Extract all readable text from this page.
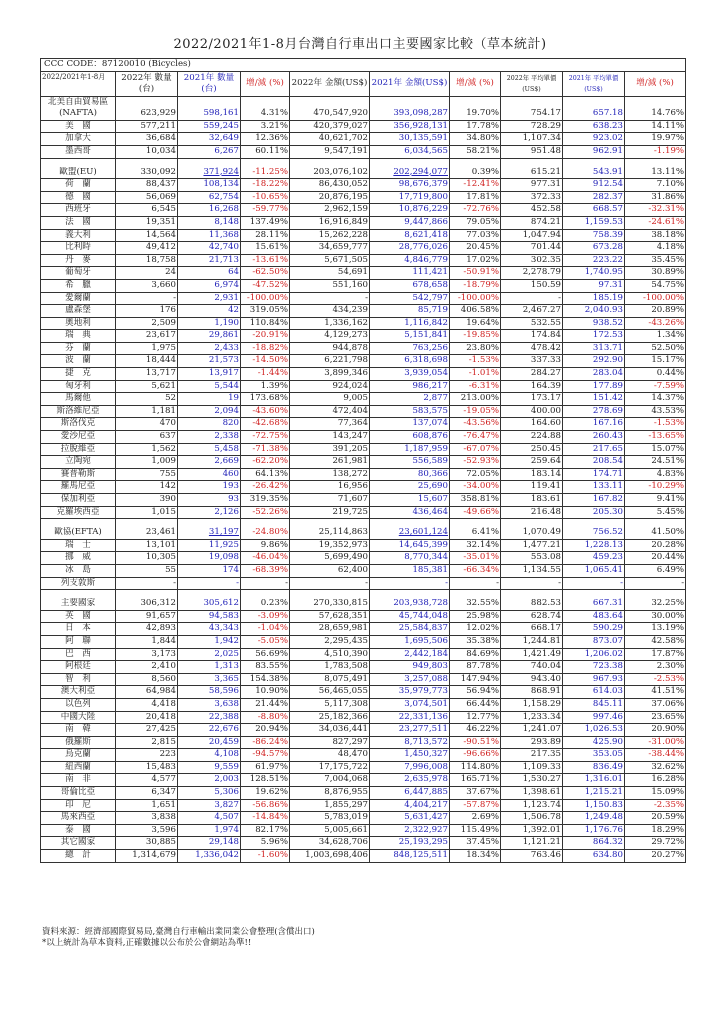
2022/2021年1-8月台灣自行車出口主要國家比較（草本統計)
CCC CODE：87120010 (Bicycles)									
2022/2021年1-8月	2022年 數量(台)	2021年 數量(台)	增/減 (%)	2022年 金額(US$)	2021年 金額(US$)	增/減 (%)	2022年 平均單價(US$)	2021年 平均單價(US$)	增/減 (%)
北美自由貿易區									
(NAFTA)	623,929	598,161	4.31%	470,547,920	393,098,287	19.70%	754.17	657.18	14.76%
美　國	577,211	559,245	3.21%	420,379,027	356,928,131	17.78%	728.29	638.23	14.11%
加拿大	36,684	32,649	12.36%	40,621,702	30,135,591	34.80%	1,107.34	923.02	19.97%
墨西哥	10,034	6,267	60.11%	9,547,191	6,034,565	58.21%	951.48	962.91	-1.19%

歐盟(EU)	330,092	371,924	-11.25%	203,076,102	202,294,077	0.39%	615.21	543.91	13.11%
荷　蘭	88,437	108,134	-18.22%	86,430,052	98,676,379	-12.41%	977.31	912.54	7.10%
德　國	56,069	62,754	-10.65%	20,876,195	17,719,800	17.81%	372.33	282.37	31.86%
西班牙	6,545	16,268	-59.77%	2,962,159	10,876,229	-72.76%	452.58	668.57	-32.31%
法　國	19,351	8,148	137.49%	16,916,849	9,447,866	79.05%	874.21	1,159.53	-24.61%
義大利	14,564	11,368	28.11%	15,262,228	8,621,418	77.03%	1,047.94	758.39	38.18%
比利時	49,412	42,740	15.61%	34,659,777	28,776,026	20.45%	701.44	673.28	4.18%
丹　麥	18,758	21,713	-13.61%	5,671,505	4,846,779	17.02%	302.35	223.22	35.45%
葡萄牙	24	64	-62.50%	54,691	111,421	-50.91%	2,278.79	1,740.95	30.89%
希　臘	3,660	6,974	-47.52%	551,160	678,658	-18.79%	150.59	97.31	54.75%
愛爾蘭	-	2,931	-100.00%	-	542,797	-100.00%	-	185.19	-100.00%
盧森堡	176	42	319.05%	434,239	85,719	406.58%	2,467.27	2,040.93	20.89%
奧地利	2,509	1,190	110.84%	1,336,162	1,116,842	19.64%	532.55	938.52	-43.26%
瑞　典	23,617	29,861	-20.91%	4,129,273	5,151,841	-19.85%	174.84	172.53	1.34%
芬　蘭	1,975	2,433	-18.82%	944,878	763,256	23.80%	478.42	313.71	52.50%
波　蘭	18,444	21,573	-14.50%	6,221,798	6,318,698	-1.53%	337.33	292.90	15.17%
捷　克	13,717	13,917	-1.44%	3,899,346	3,939,054	-1.01%	284.27	283.04	0.44%
匈牙利	5,621	5,544	1.39%	924,024	986,217	-6.31%	164.39	177.89	-7.59%
馬爾他	52	19	173.68%	9,005	2,877	213.00%	173.17	151.42	14.37%
斯洛維尼亞	1,181	2,094	-43.60%	472,404	583,575	-19.05%	400.00	278.69	43.53%
斯洛伐克	470	820	-42.68%	77,364	137,074	-43.56%	164.60	167.16	-1.53%
愛沙尼亞	637	2,338	-72.75%	143,247	608,876	-76.47%	224.88	260.43	-13.65%
拉脫維亞	1,562	5,458	-71.38%	391,205	1,187,959	-67.07%	250.45	217.65	15.07%
立陶宛	1,009	2,669	-62.20%	261,981	556,589	-52.93%	259.64	208.54	24.51%
賽普勒斯	755	460	64.13%	138,272	80,366	72.05%	183.14	174.71	4.83%
羅馬尼亞	142	193	-26.42%	16,956	25,690	-34.00%	119.41	133.11	-10.29%
保加利亞	390	93	319.35%	71,607	15,607	358.81%	183.61	167.82	9.41%
克羅埃西亞	1,015	2,126	-52.26%	219,725	436,464	-49.66%	216.48	205.30	5.45%

歐協(EFTA)	23,461	31,197	-24.80%	25,114,863	23,601,124	6.41%	1,070.49	756.52	41.50%
瑞　士	13,101	11,925	9.86%	19,352,973	14,645,399	32.14%	1,477.21	1,228.13	20.28%
挪　威	10,305	19,098	-46.04%	5,699,490	8,770,344	-35.01%	553.08	459.23	20.44%
冰　島	55	174	-68.39%	62,400	185,381	-66.34%	1,134.55	1,065.41	6.49%
列支敦斯	-	-	-	-	-	-	-	-	-

主要國家	306,312	305,612	0.23%	270,330,815	203,938,728	32.55%	882.53	667.31	32.25%
英　國	91,657	94,583	-3.09%	57,628,351	45,744,048	25.98%	628.74	483.64	30.00%
日　本	42,893	43,343	-1.04%	28,659,981	25,584,837	12.02%	668.17	590.29	13.19%
阿　聯	1,844	1,942	-5.05%	2,295,435	1,695,506	35.38%	1,244.81	873.07	42.58%
巴　西	3,173	2,025	56.69%	4,510,390	2,442,184	84.69%	1,421.49	1,206.02	17.87%
阿根廷	2,410	1,313	83.55%	1,783,508	949,803	87.78%	740.04	723.38	2.30%
智　利	8,560	3,365	154.38%	8,075,491	3,257,088	147.94%	943.40	967.93	-2.53%
澳大利亞	64,984	58,596	10.90%	56,465,055	35,979,773	56.94%	868.91	614.03	41.51%
以色列	4,418	3,638	21.44%	5,117,308	3,074,501	66.44%	1,158.29	845.11	37.06%
中國大陸	20,418	22,388	-8.80%	25,182,366	22,331,136	12.77%	1,233.34	997.46	23.65%
南　韓	27,425	22,676	20.94%	34,036,441	23,277,511	46.22%	1,241.07	1,026.53	20.90%
俄羅斯	2,815	20,459	-86.24%	827,297	8,713,572	-90.51%	293.89	425.90	-31.00%
烏克蘭	223	4,108	-94.57%	48,470	1,450,327	-96.66%	217.35	353.05	-38.44%
紐西蘭	15,483	9,559	61.97%	17,175,722	7,996,008	114.80%	1,109.33	836.49	32.62%
南　非	4,577	2,003	128.51%	7,004,068	2,635,978	165.71%	1,530.27	1,316.01	16.28%
哥倫比亞	6,347	5,306	19.62%	8,876,955	6,447,885	37.67%	1,398.61	1,215.21	15.09%
印　尼	1,651	3,827	-56.86%	1,855,297	4,404,217	-57.87%	1,123.74	1,150.83	-2.35%
馬來西亞	3,838	4,507	-14.84%	5,783,019	5,631,427	2.69%	1,506.78	1,249.48	20.59%
泰　國	3,596	1,974	82.17%	5,005,661	2,322,927	115.49%	1,392.01	1,176.76	18.29%
其它國家	30,885	29,148	5.96%	34,628,706	25,193,295	37.45%	1,121.21	864.32	29.72%
總　計	1,314,679	1,336,042	-1.60%	1,003,698,406	848,125,511	18.34%	763.46	634.80	20.27%
資料來源：經濟部國際貿易局,臺灣自行車輸出業同業公會整理(含償出口)
*以上統計為草本資料,正確數據以公布於公會網站為準!!
